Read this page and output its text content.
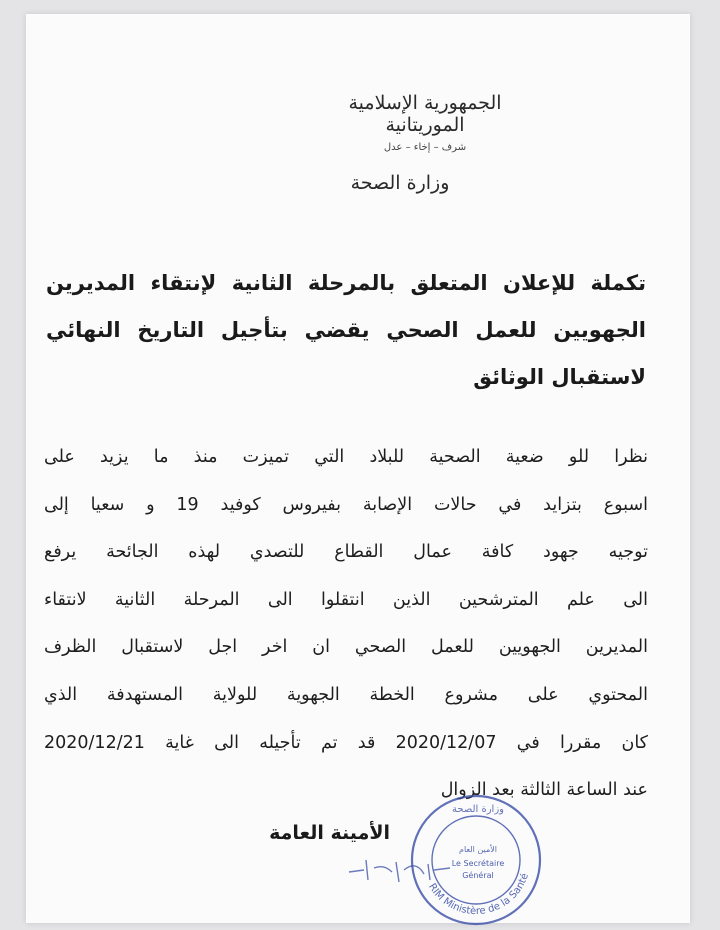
الجمهورية الإسلامية الموريتانية
شرف – إخاء – عدل
وزارة الصحة
تكملة للإعلان المتعلق بالمرحلة الثانية لإنتقاء المديرين
الجهويين للعمل الصحي يقضي بتأجيل التاريخ النهائي
لاستقبال الوثائق
نظرا للو ضعية الصحية للبلاد التي تميزت منذ ما يزيد على
اسبوع بتزايد في حالات الإصابة بفيروس كوفيد 19 و سعيا إلى
توجيه جهود كافة عمال القطاع للتصدي لهذه الجائحة يرفع
الى علم المترشحين الذين انتقلوا الى المرحلة الثانية لانتقاء
المديرين الجهويين للعمل الصحي ان اخر اجل لاستقبال الظرف
المحتوي على مشروع الخطة الجهوية للولاية المستهدفة الذي
كان مقررا في 2020/12/07 قد تم تأجيله الى غاية 2020/12/21
عند الساعة الثالثة بعد الزوال
RIM Ministère de la Santé
وزارة الصحة
الأمين العام
Le Secrétaire
Général
الأمينة العامة
